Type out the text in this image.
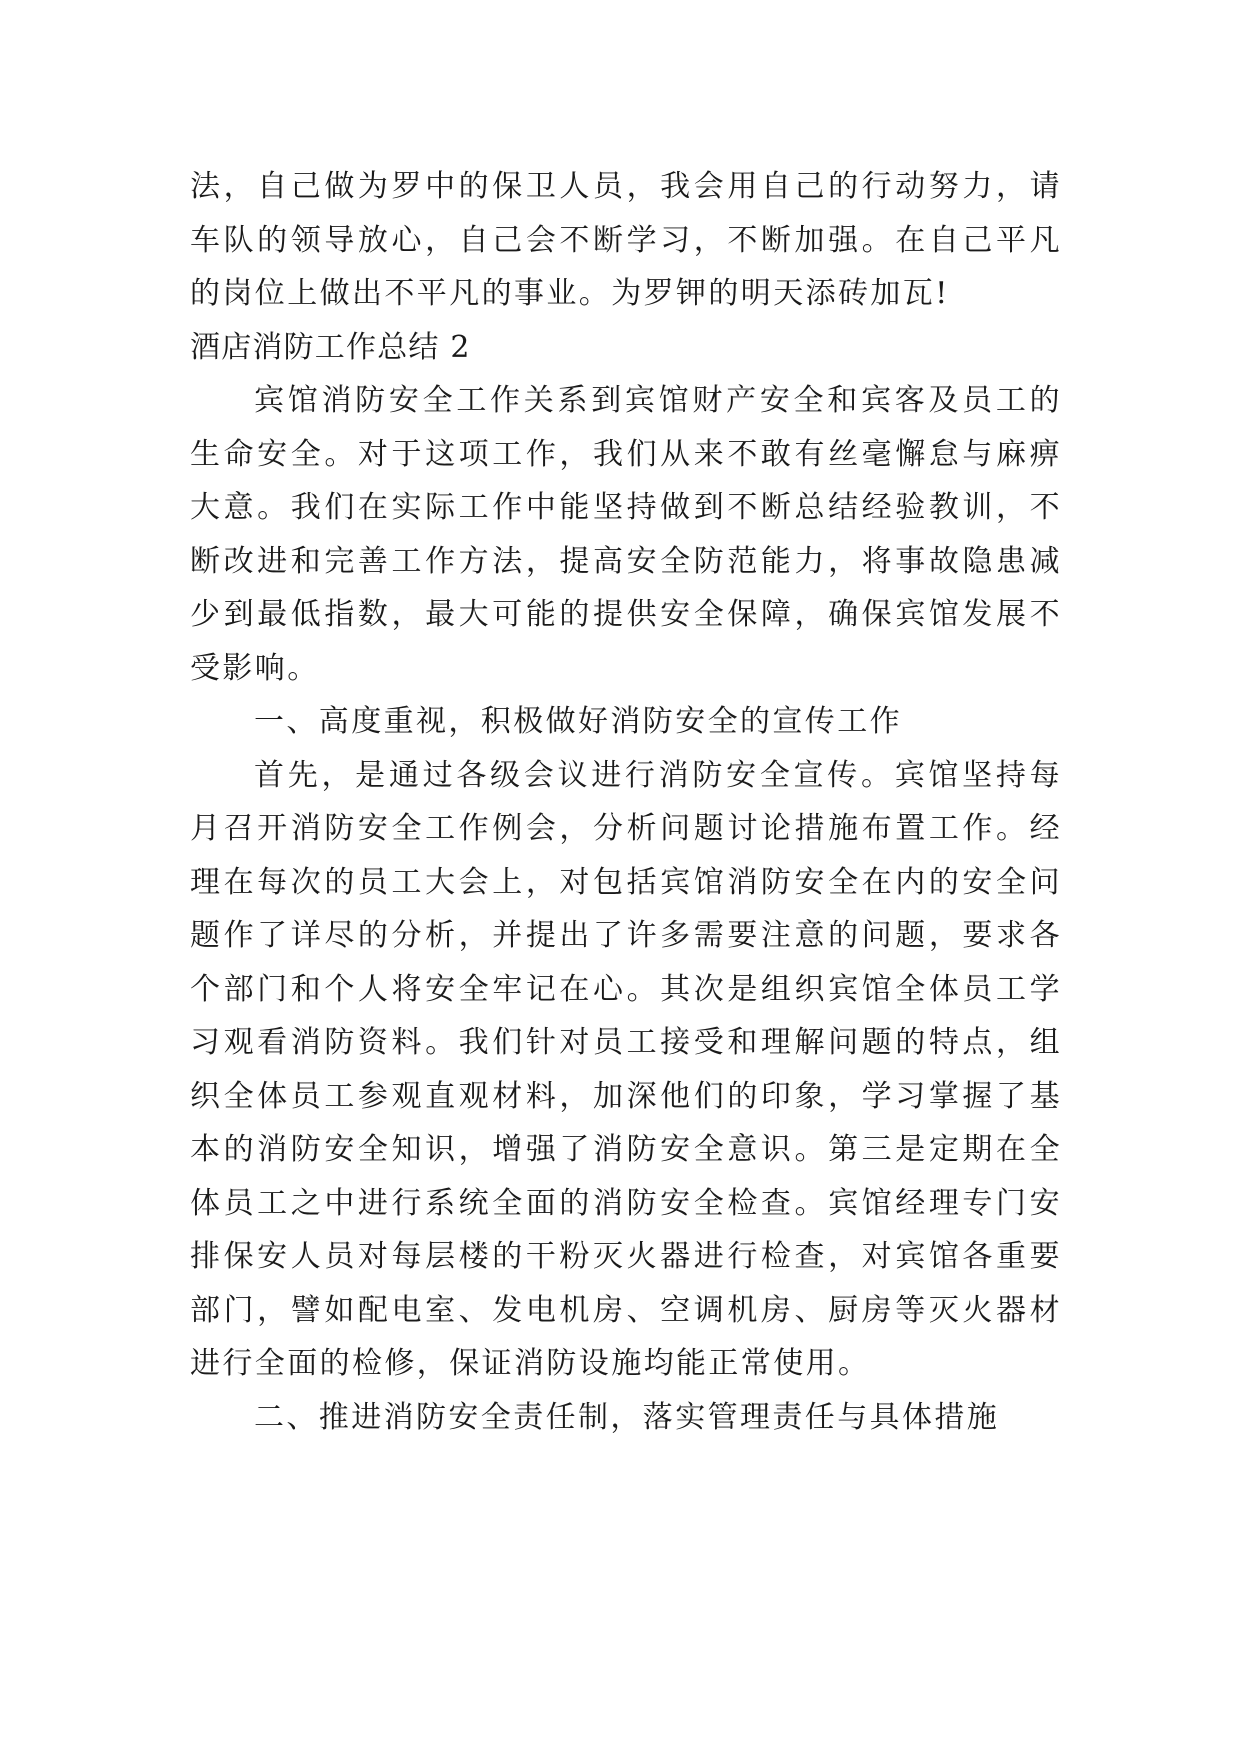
法，自己做为罗中的保卫人员，我会用自己的行动努力，请车队的领导放心，自己会不断学习，不断加强。在自己平凡的岗位上做出不平凡的事业。为罗钾的明天添砖加瓦!

酒店消防工作总结 2

宾馆消防安全工作关系到宾馆财产安全和宾客及员工的生命安全。对于这项工作，我们从来不敢有丝毫懈怠与麻痹大意。我们在实际工作中能坚持做到不断总结经验教训，不断改进和完善工作方法，提高安全防范能力，将事故隐患减少到最低指数，最大可能的提供安全保障，确保宾馆发展不受影响。

一、高度重视，积极做好消防安全的宣传工作

首先，是通过各级会议进行消防安全宣传。宾馆坚持每月召开消防安全工作例会，分析问题讨论措施布置工作。经理在每次的员工大会上，对包括宾馆消防安全在内的安全问题作了详尽的分析，并提出了许多需要注意的问题，要求各个部门和个人将安全牢记在心。其次是组织宾馆全体员工学习观看消防资料。我们针对员工接受和理解问题的特点，组织全体员工参观直观材料，加深他们的印象，学习掌握了基本的消防安全知识，增强了消防安全意识。第三是定期在全体员工之中进行系统全面的消防安全检查。宾馆经理专门安排保安人员对每层楼的干粉灭火器进行检查，对宾馆各重要部门，譬如配电室、发电机房、空调机房、厨房等灭火器材进行全面的检修，保证消防设施均能正常使用。

二、推进消防安全责任制，落实管理责任与具体措施
